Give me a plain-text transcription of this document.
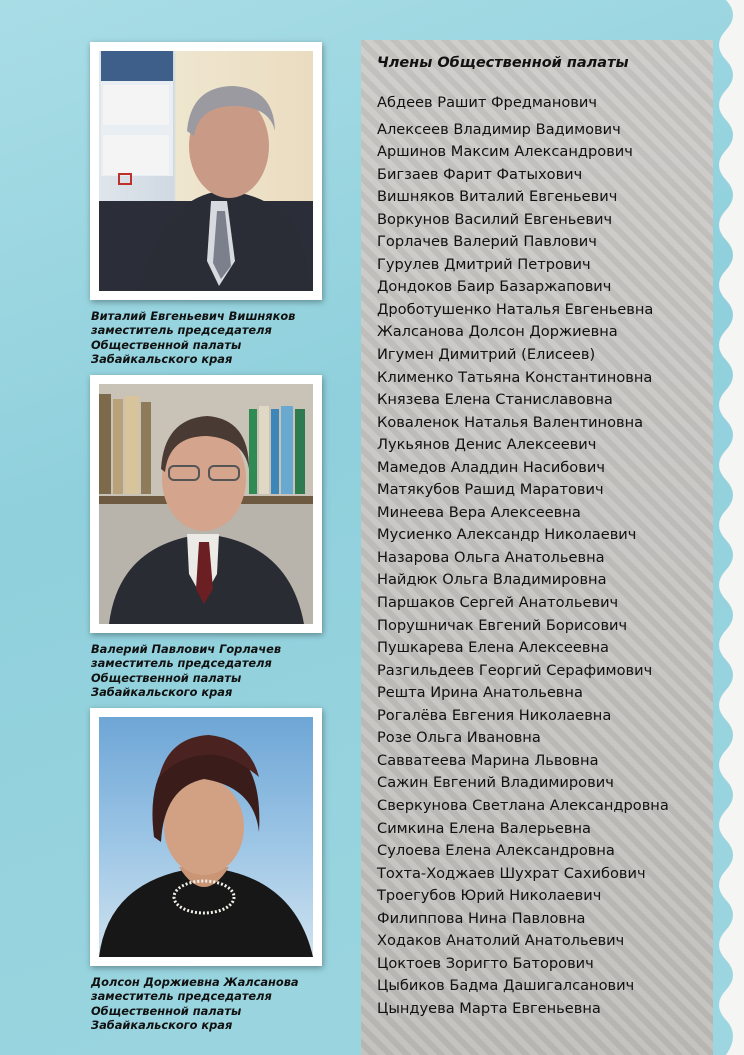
Виталий Евгеньевич Вишняков
заместитель председателя
Общественной палаты
Забайкальского края
Валерий Павлович Горлачев
заместитель председателя
Общественной палаты
Забайкальского края
Долсон Доржиевна Жалсанова
заместитель председателя
Общественной палаты
Забайкальского края
Члены Общественной палаты
Абдеев Рашит Фредманович
Алексеев Владимир Вадимович
Аршинов Максим Александрович
Бигзаев Фарит Фатыхович
Вишняков Виталий Евгеньевич
Воркунов Василий Евгеньевич
Горлачев Валерий Павлович
Гурулев Дмитрий Петрович
Дондоков Баир Базаржапович
Дроботушенко Наталья Евгеньевна
Жалсанова Долсон Доржиевна
Игумен Димитрий (Елисеев)
Клименко Татьяна Константиновна
Князева Елена Станиславовна
Коваленок Наталья Валентиновна
Лукьянов Денис Алексеевич
Мамедов Аладдин Насибович
Матякубов Рашид Маратович
Минеева Вера Алексеевна
Мусиенко Александр Николаевич
Назарова Ольга Анатольевна
Найдюк Ольга Владимировна
Паршаков Сергей Анатольевич
Порушничак Евгений Борисович
Пушкарева Елена Алексеевна
Разгильдеев Георгий Серафимович
Решта Ирина Анатольевна
Рогалёва Евгения Николаевна
Розе Ольга Ивановна
Савватеева Марина Львовна
Сажин Евгений Владимирович
Сверкунова Светлана Александровна
Симкина Елена Валерьевна
Сулоева Елена Александровна
Тохта-Ходжаев Шухрат Сахибович
Троегубов Юрий Николаевич
Филиппова Нина Павловна
Ходаков Анатолий Анатольевич
Цоктоев Зоригто Баторович
Цыбиков Бадма Дашигалсанович
Цындуева Марта Евгеньевна
